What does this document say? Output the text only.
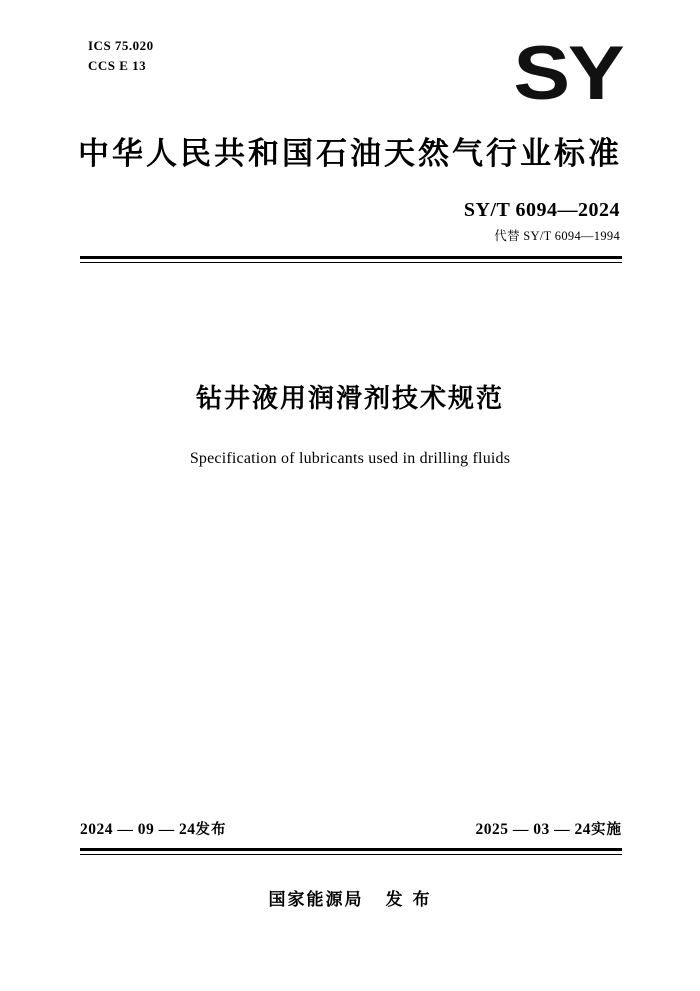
ICS 75.020
CCS E 13	SY
中华人民共和国石油天然气行业标准
SY/T 6094—2024
代替 SY/T 6094—1994
钻井液用润滑剂技术规范
Specification of lubricants used in drilling fluids
2024 — 09 — 24发布	2025 — 03 — 24实施
国家能源局 发 布
